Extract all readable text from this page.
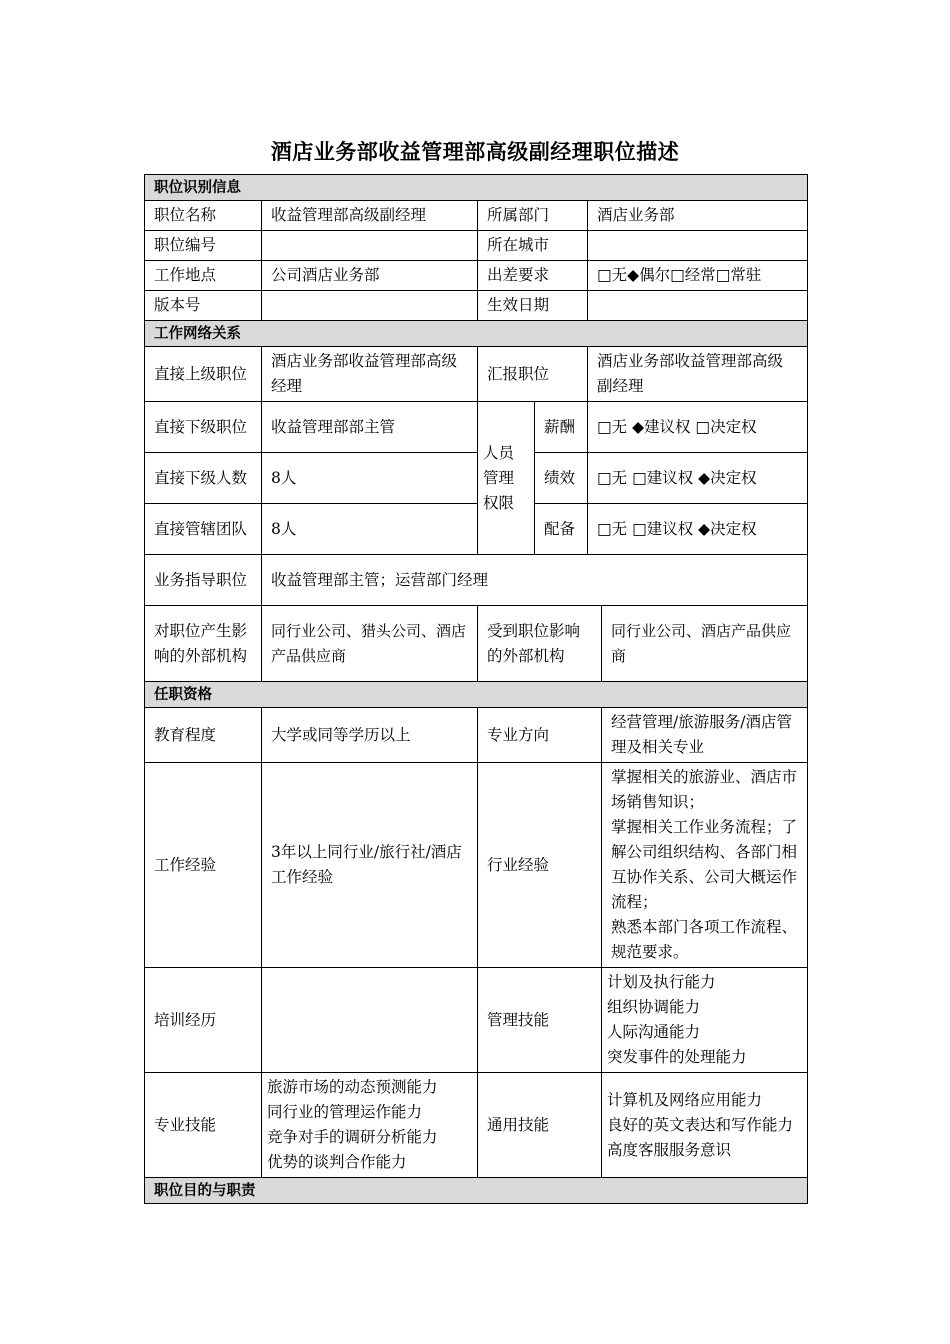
酒店业务部收益管理部高级副经理职位描述
职位识别信息					
职位名称	收益管理部高级副经理	所属部门		酒店业务部	
职位编号		所在城市			
工作地点	公司酒店业务部	出差要求		□无◆偶尔□经常□常驻	
版本号		生效日期			
工作网络关系					
直接上级职位	酒店业务部收益管理部高级经理	汇报职位		酒店业务部收益管理部高级副经理	
直接下级职位	收益管理部部主管	人员管理权限	薪酬	□无 ◆建议权 □决定权	
直接下级人数	8人		绩效	□无 □建议权 ◆决定权	
直接管辖团队	8人		配备	□无 □建议权 ◆决定权	
业务指导职位	收益管理部主管；运营部门经理				
对职位产生影响的外部机构	同行业公司、猎头公司、酒店产品供应商	受到职位影响的外部机构			同行业公司、酒店产品供应商
任职资格					
教育程度	大学或同等学历以上	专业方向			经营管理/旅游服务/酒店管理及相关专业
工作经验	3年以上同行业/旅行社/酒店工作经验	行业经验			掌握相关的旅游业、酒店市场销售知识；
掌握相关工作业务流程；了解公司组织结构、各部门相互协作关系、公司大概运作流程；
熟悉本部门各项工作流程、规范要求。

培训经历		管理技能			计划及执行能力
组织协调能力
人际沟通能力
突发事件的处理能力

专业技能	旅游市场的动态预测能力
同行业的管理运作能力
竞争对手的调研分析能力
优势的谈判合作能力	通用技能			计算机及网络应用能力
良好的英文表达和写作能力
高度客服服务意识

职位目的与职责					
